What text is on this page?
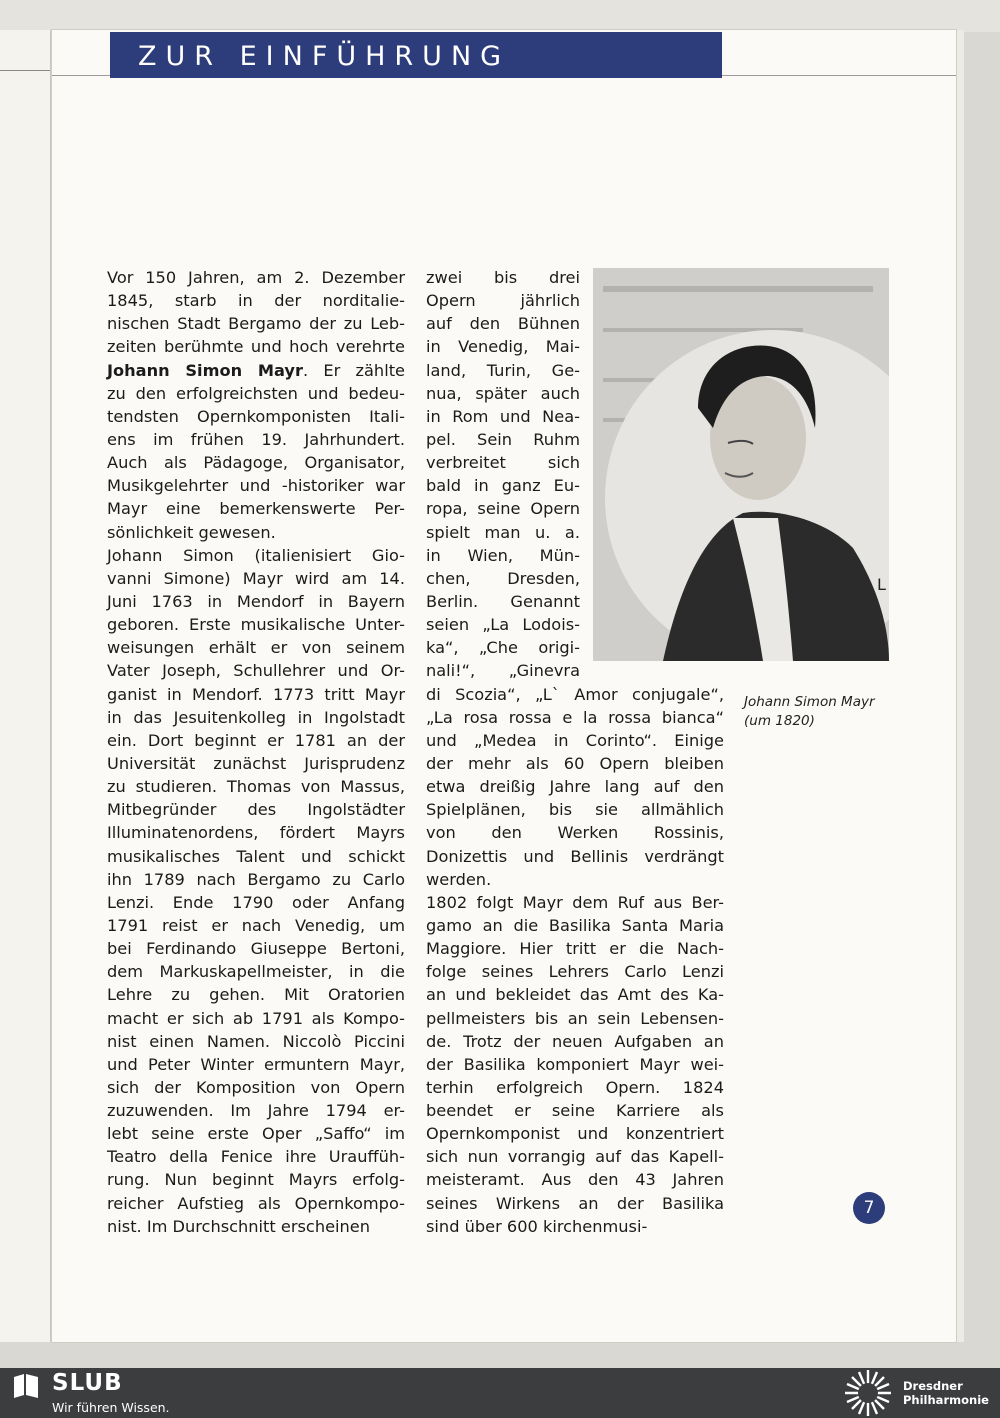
ZUR EINFÜHRUNG
Vor 150 Jahren, am 2. Dezember
1845, starb in der norditalie-
nischen Stadt Bergamo der zu Leb-
zeiten berühmte und hoch verehrte
Johann Simon Mayr. Er zählte
zu den erfolgreichsten und bedeu-
tendsten Opernkomponisten Itali-
ens im frühen 19. Jahrhundert.
Auch als Pädagoge, Organisator,
Musikgelehrter und -historiker war
Mayr eine bemerkenswerte Per-
sönlichkeit gewesen.
Johann Simon (italienisiert Gio-
vanni Simone) Mayr wird am 14.
Juni 1763 in Mendorf in Bayern
geboren. Erste musikalische Unter-
weisungen erhält er von seinem
Vater Joseph, Schullehrer und Or-
ganist in Mendorf. 1773 tritt Mayr
in das Jesuitenkolleg in Ingolstadt
ein. Dort beginnt er 1781 an der
Universität zunächst Jurisprudenz
zu studieren. Thomas von Massus,
Mitbegründer des Ingolstädter
Illuminatenordens, fördert Mayrs
musikalisches Talent und schickt
ihn 1789 nach Bergamo zu Carlo
Lenzi. Ende 1790 oder Anfang
1791 reist er nach Venedig, um
bei Ferdinando Giuseppe Bertoni,
dem Markuskapellmeister, in die
Lehre zu gehen. Mit Oratorien
macht er sich ab 1791 als Kompo-
nist einen Namen. Niccolò Piccini
und Peter Winter ermuntern Mayr,
sich der Komposition von Opern
zuzuwenden. Im Jahre 1794 er-
lebt seine erste Oper „Saffo“ im
Teatro della Fenice ihre Urauffüh-
rung. Nun beginnt Mayrs erfolg-
reicher Aufstieg als Opernkompo-
nist. Im Durchschnitt erscheinen
zwei bis drei
Opern jährlich
auf den Bühnen
in Venedig, Mai-
land, Turin, Ge-
nua, später auch
in Rom und Nea-
pel. Sein Ruhm
verbreitet sich
bald in ganz Eu-
ropa, seine Opern
spielt man u. a.
in Wien, Mün-
chen, Dresden,
Berlin. Genannt
seien „La Lodois-
ka“, „Che origi-
nali!“, „Ginevra
di Scozia“, „L` Amor conjugale“,
„La rosa rossa e la rossa bianca“
und „Medea in Corinto“. Einige
der mehr als 60 Opern bleiben
etwa dreißig Jahre lang auf den
Spielplänen, bis sie allmählich
von den Werken Rossinis,
Donizettis und Bellinis verdrängt
werden.
1802 folgt Mayr dem Ruf aus Ber-
gamo an die Basilika Santa Maria
Maggiore. Hier tritt er die Nach-
folge seines Lehrers Carlo Lenzi
an und bekleidet das Amt des Ka-
pellmeisters bis an sein Lebensen-
de. Trotz der neuen Aufgaben an
der Basilika komponiert Mayr wei-
terhin erfolgreich Opern. 1824
beendet er seine Karriere als
Opernkomponist und konzentriert
sich nun vorrangig auf das Kapell-
meisteramt. Aus den 43 Jahren
seines Wirkens an der Basilika
sind über 600 kirchenmusi-
L
Johann Simon Mayr
(um 1820)
7
SLUB
Wir führen Wissen.
Dresdner
Philharmonie
